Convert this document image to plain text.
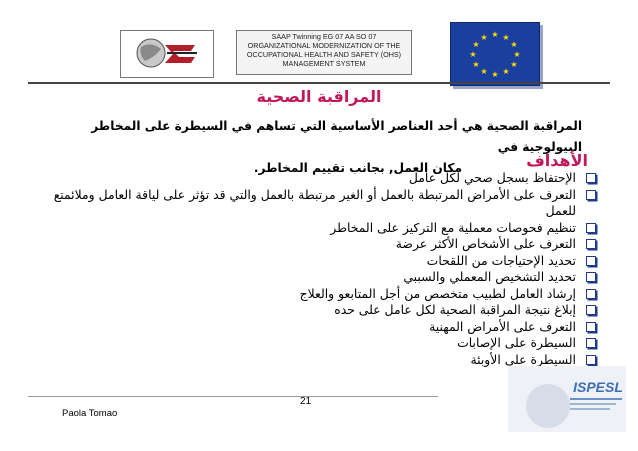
SAAP Twinning EG 07 AA SO 07
ORGANIZATIONAL MODERNIZATION OF THE
OCCUPATIONAL HEALTH AND SAFETY (OHS)
MANAGEMENT SYSTEM
★ ★
★
★
★
★
★
★
★
★
★
★
المراقبة الصحية
المراقبة الصحية هي أحد العناصر الأساسية التي تساهم في السيطرة على المخاطر البيولوجية في
مكان العمل, بجانب تقييم المخاطر.	الأهداف
الإحتفاظ بسجل صحي لكل عامل
التعرف على الأمراض المرتبطة بالعمل أو الغير مرتبطة بالعمل والتي قد تؤثر على لياقة العامل وملائمتع للعمل
تنظيم فحوصات معملية مع التركيز على المخاطر
التعرف على الأشخاص الأكثر عرضة
تحديد الإحتياجات من اللقحات
تحديد التشخيص المعملي والسببي
إرشاد العامل لطبيب متخصص من أجل المتابعو والعلاج
إبلاغ نتيجة المراقبة الصحية لكل عامل على حده
التعرف على الأمراض المهنية
السيطرة على الإصابات
السيطرة على الأوبئة
21
Paola Tomao
ISPESL
